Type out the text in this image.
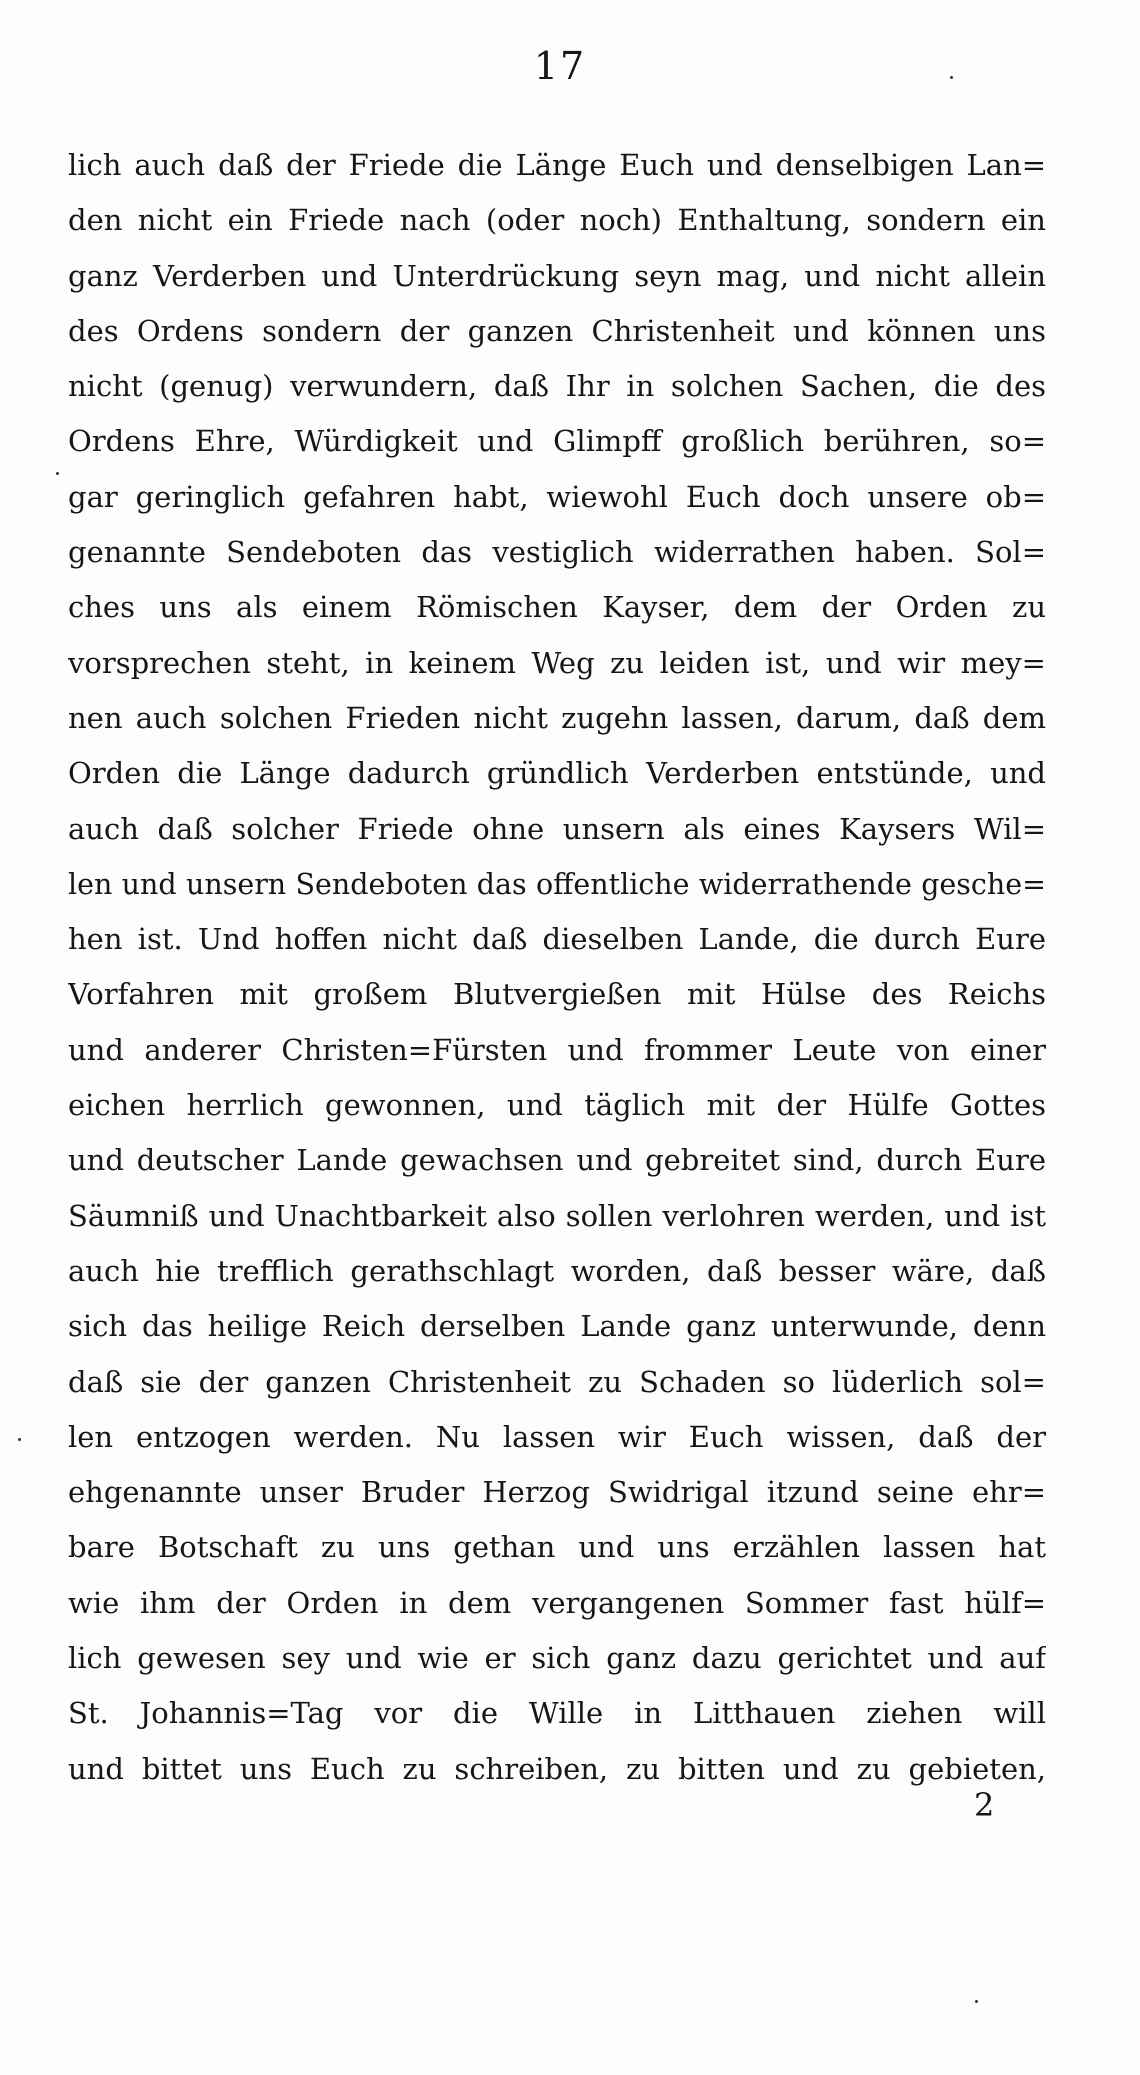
17
lich auch daß der Friede die Länge Euch und denselbigen Lan=
den nicht ein Friede nach (oder noch) Enthaltung, sondern ein
ganz Verderben und Unterdrückung seyn mag, und nicht allein
des Ordens sondern der ganzen Christenheit und können uns
nicht (genug) verwundern, daß Ihr in solchen Sachen, die des
Ordens Ehre, Würdigkeit und Glimpff großlich berühren, so=
gar geringlich gefahren habt, wiewohl Euch doch unsere ob=
genannte Sendeboten das vestiglich widerrathen haben. Sol=
ches uns als einem Römischen Kayser, dem der Orden zu
vorsprechen steht, in keinem Weg zu leiden ist, und wir mey=
nen auch solchen Frieden nicht zugehn lassen, darum, daß dem
Orden die Länge dadurch gründlich Verderben entstünde, und
auch daß solcher Friede ohne unsern als eines Kaysers Wil=
len und unsern Sendeboten das offentliche widerrathende gesche=
hen ist. Und hoffen nicht daß dieselben Lande, die durch Eure
Vorfahren mit großem Blutvergießen mit Hülse des Reichs
und anderer Christen=Fürsten und frommer Leute von einer
eichen herrlich gewonnen, und täglich mit der Hülfe Gottes
und deutscher Lande gewachsen und gebreitet sind, durch Eure
Säumniß und Unachtbarkeit also sollen verlohren werden, und ist
auch hie trefflich gerathschlagt worden, daß besser wäre, daß
sich das heilige Reich derselben Lande ganz unterwunde, denn
daß sie der ganzen Christenheit zu Schaden so lüderlich sol=
len entzogen werden. Nu lassen wir Euch wissen, daß der
ehgenannte unser Bruder Herzog Swidrigal itzund seine ehr=
bare Botschaft zu uns gethan und uns erzählen lassen hat
wie ihm der Orden in dem vergangenen Sommer fast hülf=
lich gewesen sey und wie er sich ganz dazu gerichtet und auf
St. Johannis=Tag vor die Wille in Litthauen ziehen will
und bittet uns Euch zu schreiben, zu bitten und zu gebieten,
2
